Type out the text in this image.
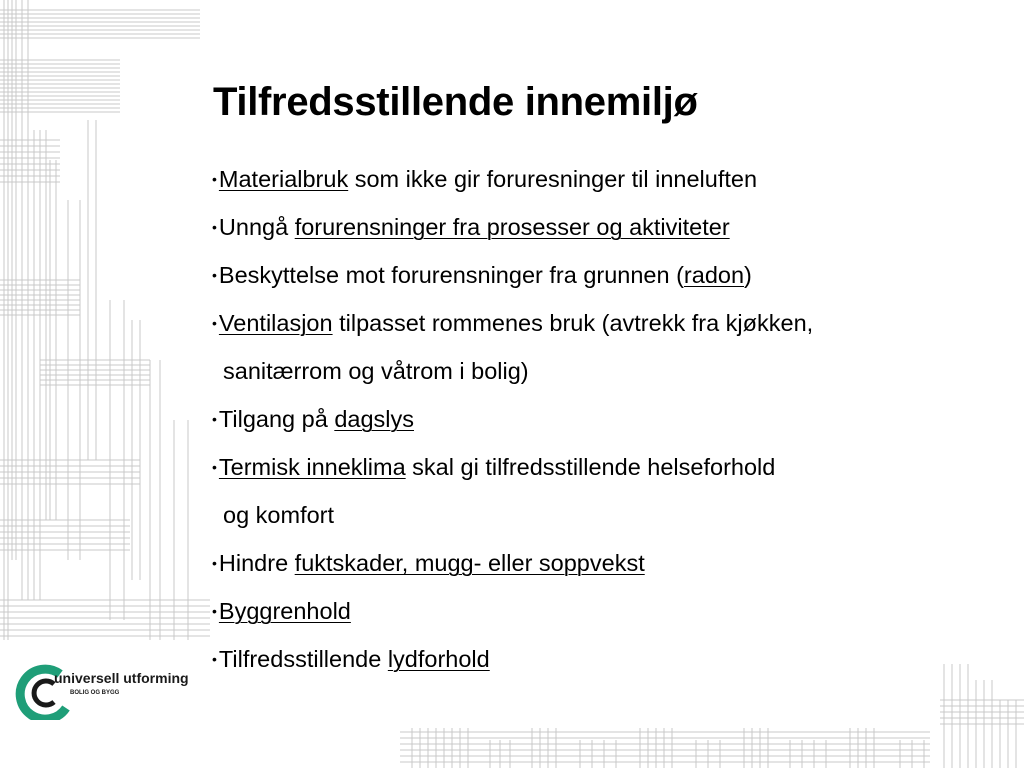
Tilfredsstillende innemiljø
•Materialbruk som ikke gir foruresninger til inneluften
•Unngå forurensninger fra prosesser og aktiviteter
•Beskyttelse mot forurensninger fra grunnen (radon)
•Ventilasjon tilpasset rommenes bruk (avtrekk fra kjøkken,
sanitærrom og våtrom i bolig)
•Tilgang på dagslys
•Termisk inneklima skal gi tilfredsstillende helseforhold
og komfort
•Hindre fuktskader, mugg- eller soppvekst
•Byggrenhold
•Tilfredsstillende lydforhold
universell utforming
BOLIG OG BYGG
